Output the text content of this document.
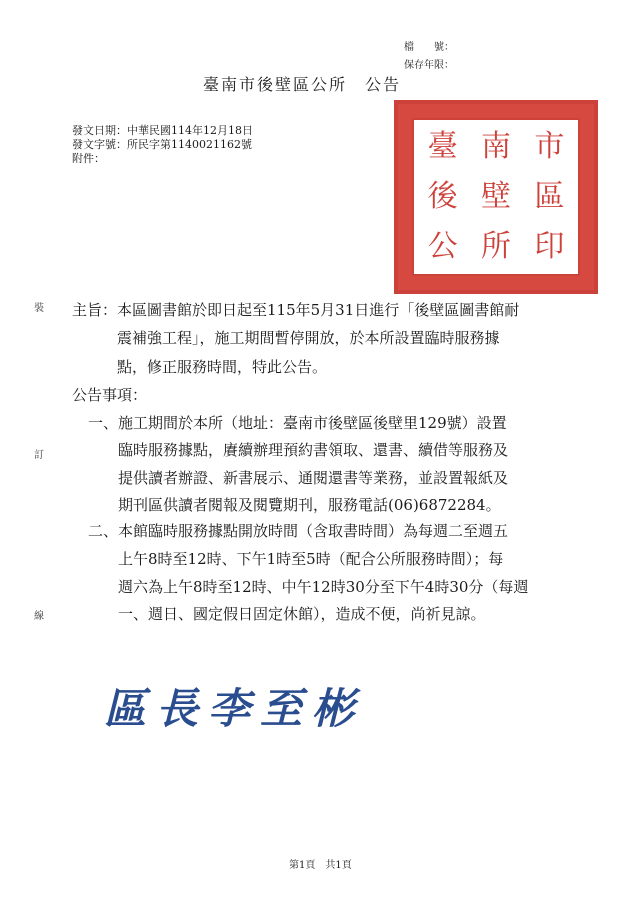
檔　　號：
保存年限：
臺南市後壁區公所　公告
發文日期：中華民國114年12月18日
發文字號：所民字第1140021162號
附件：	臺 南 市
後 壁 區
公 所 印
裝
訂
線
主旨：本區圖書館於即日起至115年5月31日進行「後壁區圖書館耐
　　　震補強工程」，施工期間暫停開放，於本所設置臨時服務據
　　　點，修正服務時間，特此公告。
公告事項：
一、施工期間於本所（地址：臺南市後壁區後壁里129號）設置
　　臨時服務據點，賡續辦理預約書領取、還書、續借等服務及
　　提供讀者辦證、新書展示、通閱還書等業務，並設置報紙及
　　期刊區供讀者閱報及閱覽期刊，服務電話(06)6872284。
二、本館臨時服務據點開放時間（含取書時間）為每週二至週五
　　上午8時至12時、下午1時至5時（配合公所服務時間）；每
　　週六為上午8時至12時、中午12時30分至下午4時30分（每週
　　一、週日、國定假日固定休館），造成不便，尚祈見諒。
區長李至彬
第1頁　共1頁
